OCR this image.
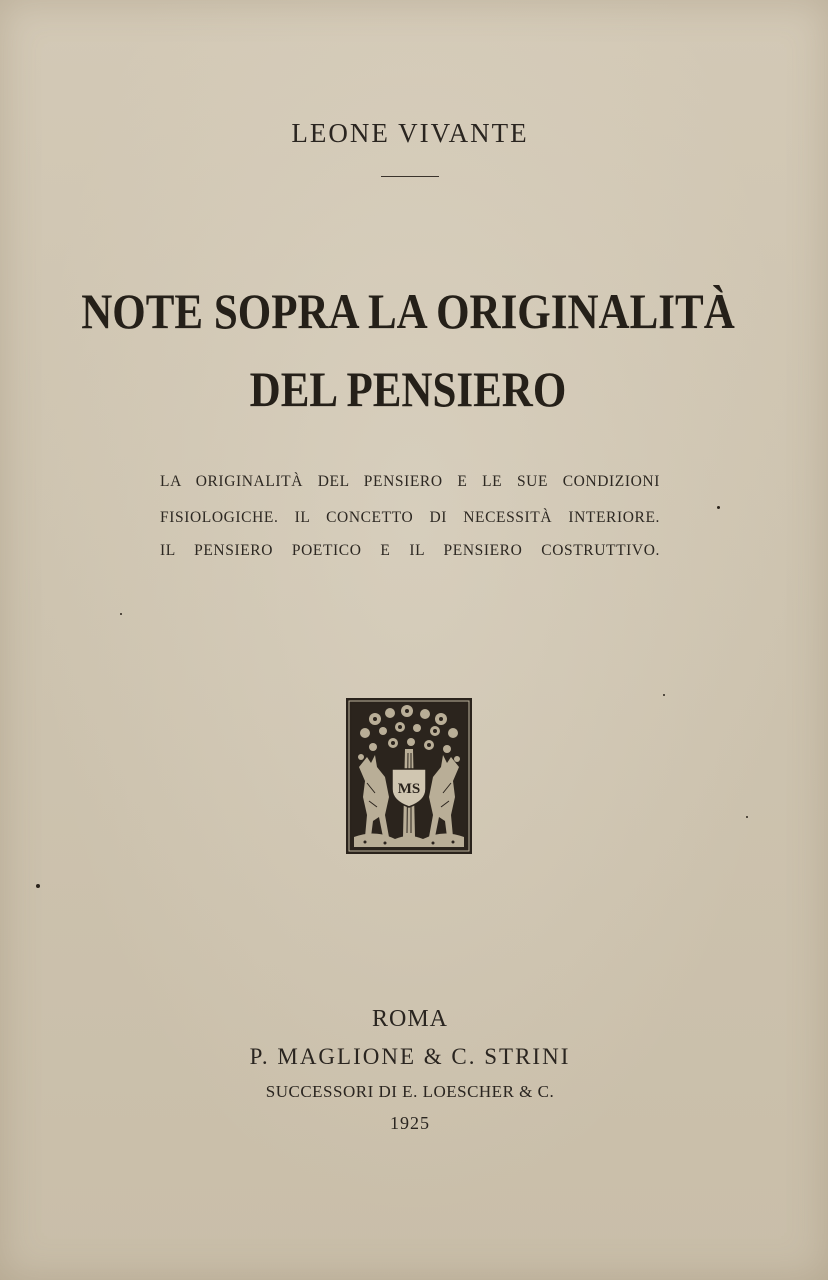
LEONE VIVANTE
NOTE SOPRA LA ORIGINALITÀ
DEL PENSIERO
LA ORIGINALITÀ DEL PENSIERO E LE SUE CONDIZIONI
FISIOLOGICHE. IL CONCETTO DI NECESSITÀ INTERIORE.
IL PENSIERO POETICO E IL PENSIERO COSTRUTTIVO.
MS
ROMA
P. MAGLIONE & C. STRINI
SUCCESSORI DI E. LOESCHER & C.
1925
